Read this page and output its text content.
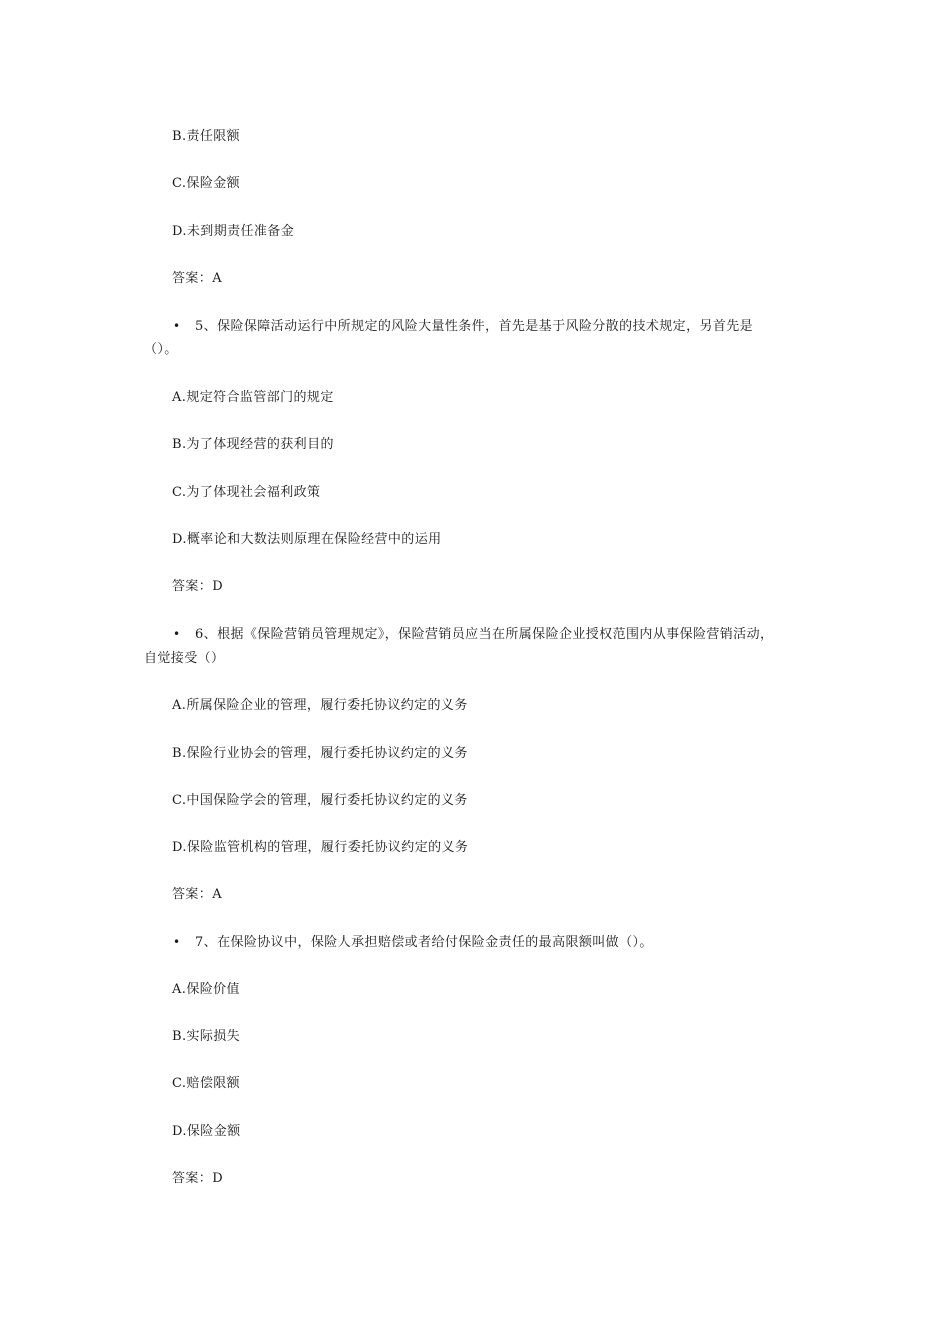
B.责任限额
C.保险金额
D.未到期责任准备金
答案：A
• 5、保险保障活动运行中所规定的风险大量性条件，首先是基于风险分散的技术规定，另首先是
（）。
A.规定符合监管部门的规定
B.为了体现经营的获利目的
C.为了体现社会福利政策
D.概率论和大数法则原理在保险经营中的运用
答案：D
• 6、根据《保险营销员管理规定》，保险营销员应当在所属保险企业授权范围内从事保险营销活动，
自觉接受（）
A.所属保险企业的管理，履行委托协议约定的义务
B.保险行业协会的管理，履行委托协议约定的义务
C.中国保险学会的管理，履行委托协议约定的义务
D.保险监管机构的管理，履行委托协议约定的义务
答案：A
• 7、在保险协议中，保险人承担赔偿或者给付保险金责任的最高限额叫做（）。
A.保险价值
B.实际损失
C.赔偿限额
D.保险金额
答案：D
